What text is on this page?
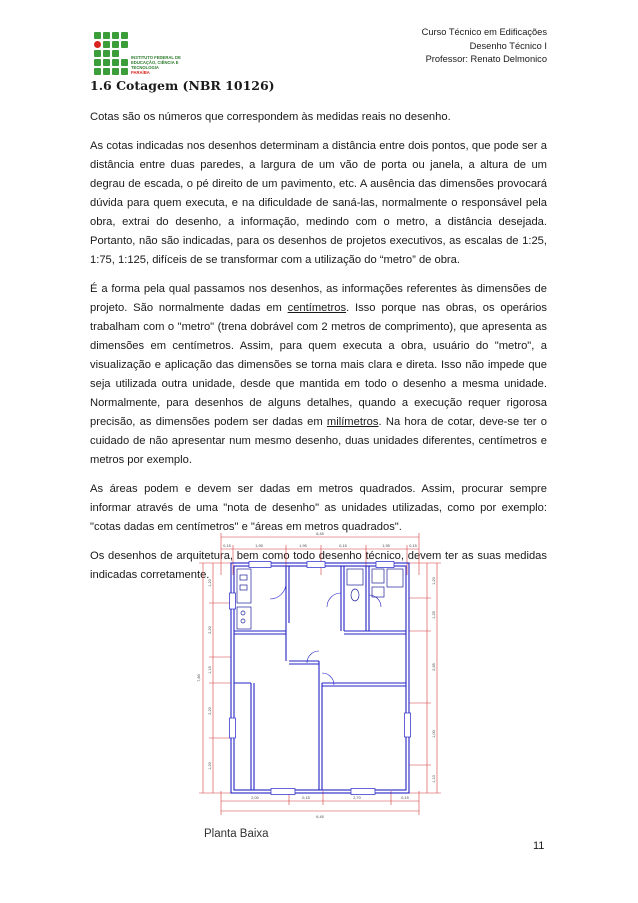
INSTITUTO FEDERAL DE
EDUCAÇÃO, CIÊNCIA E TECNOLOGIA
PARAÍBA
Curso Técnico em Edificações
Desenho Técnico I
Professor: Renato Delmonico
1.6 Cotagem (NBR 10126)

Cotas são os números que correspondem às medidas reais no desenho.

As cotas indicadas nos desenhos determinam a distância entre dois pontos, que pode ser a distância entre duas paredes, a largura de um vão de porta ou janela, a altura de um degrau de escada, o pé direito de um pavimento, etc. A ausência das dimensões provocará dúvida para quem executa, e na dificuldade de saná-las, normalmente o responsável pela obra, extrai do desenho, a informação, medindo com o metro, a distância desejada. Portanto, não são indicadas, para os desenhos de projetos executivos, as escalas de 1:25, 1:75, 1:125, difíceis de se transformar com a utilização do “metro” de obra.

É a forma pela qual passamos nos desenhos, as informações referentes às dimensões de projeto. São normalmente dadas em centímetros. Isso porque nas obras, os operários trabalham com o "metro" (trena dobrável com 2 metros de comprimento), que apresenta as dimensões em centímetros. Assim, para quem executa a obra, usuário do "metro", a visualização e aplicação das dimensões se torna mais clara e direta. Isso não impede que seja utilizada outra unidade, desde que mantida em todo o desenho a mesma unidade. Normalmente, para desenhos de alguns detalhes, quando a execução requer rigorosa precisão, as dimensões podem ser dadas em milímetros. Na hora de cotar, deve-se ter o cuidado de não apresentar num mesmo desenho, duas unidades diferentes, centímetros e metros por exemplo.

As áreas podem e devem ser dadas em metros quadrados. Assim, procurar sempre informar através de uma "nota de desenho" as unidades utilizadas, como por exemplo: "cotas dadas em centímetros" e "áreas em metros quadrados".

Os desenhos de arquitetura, bem como todo desenho técnico, devem ter as suas medidas indicadas corretamente.

6,45
0,15	1,95	1,95	0,15	1,95	0,15
7,80
1,20
2,20
1,15
2,20
1,20
1,20
1,25
2,65
1,00
1,10
6,45
2,00	0,15	2,70	0,15
Planta Baixa
11
